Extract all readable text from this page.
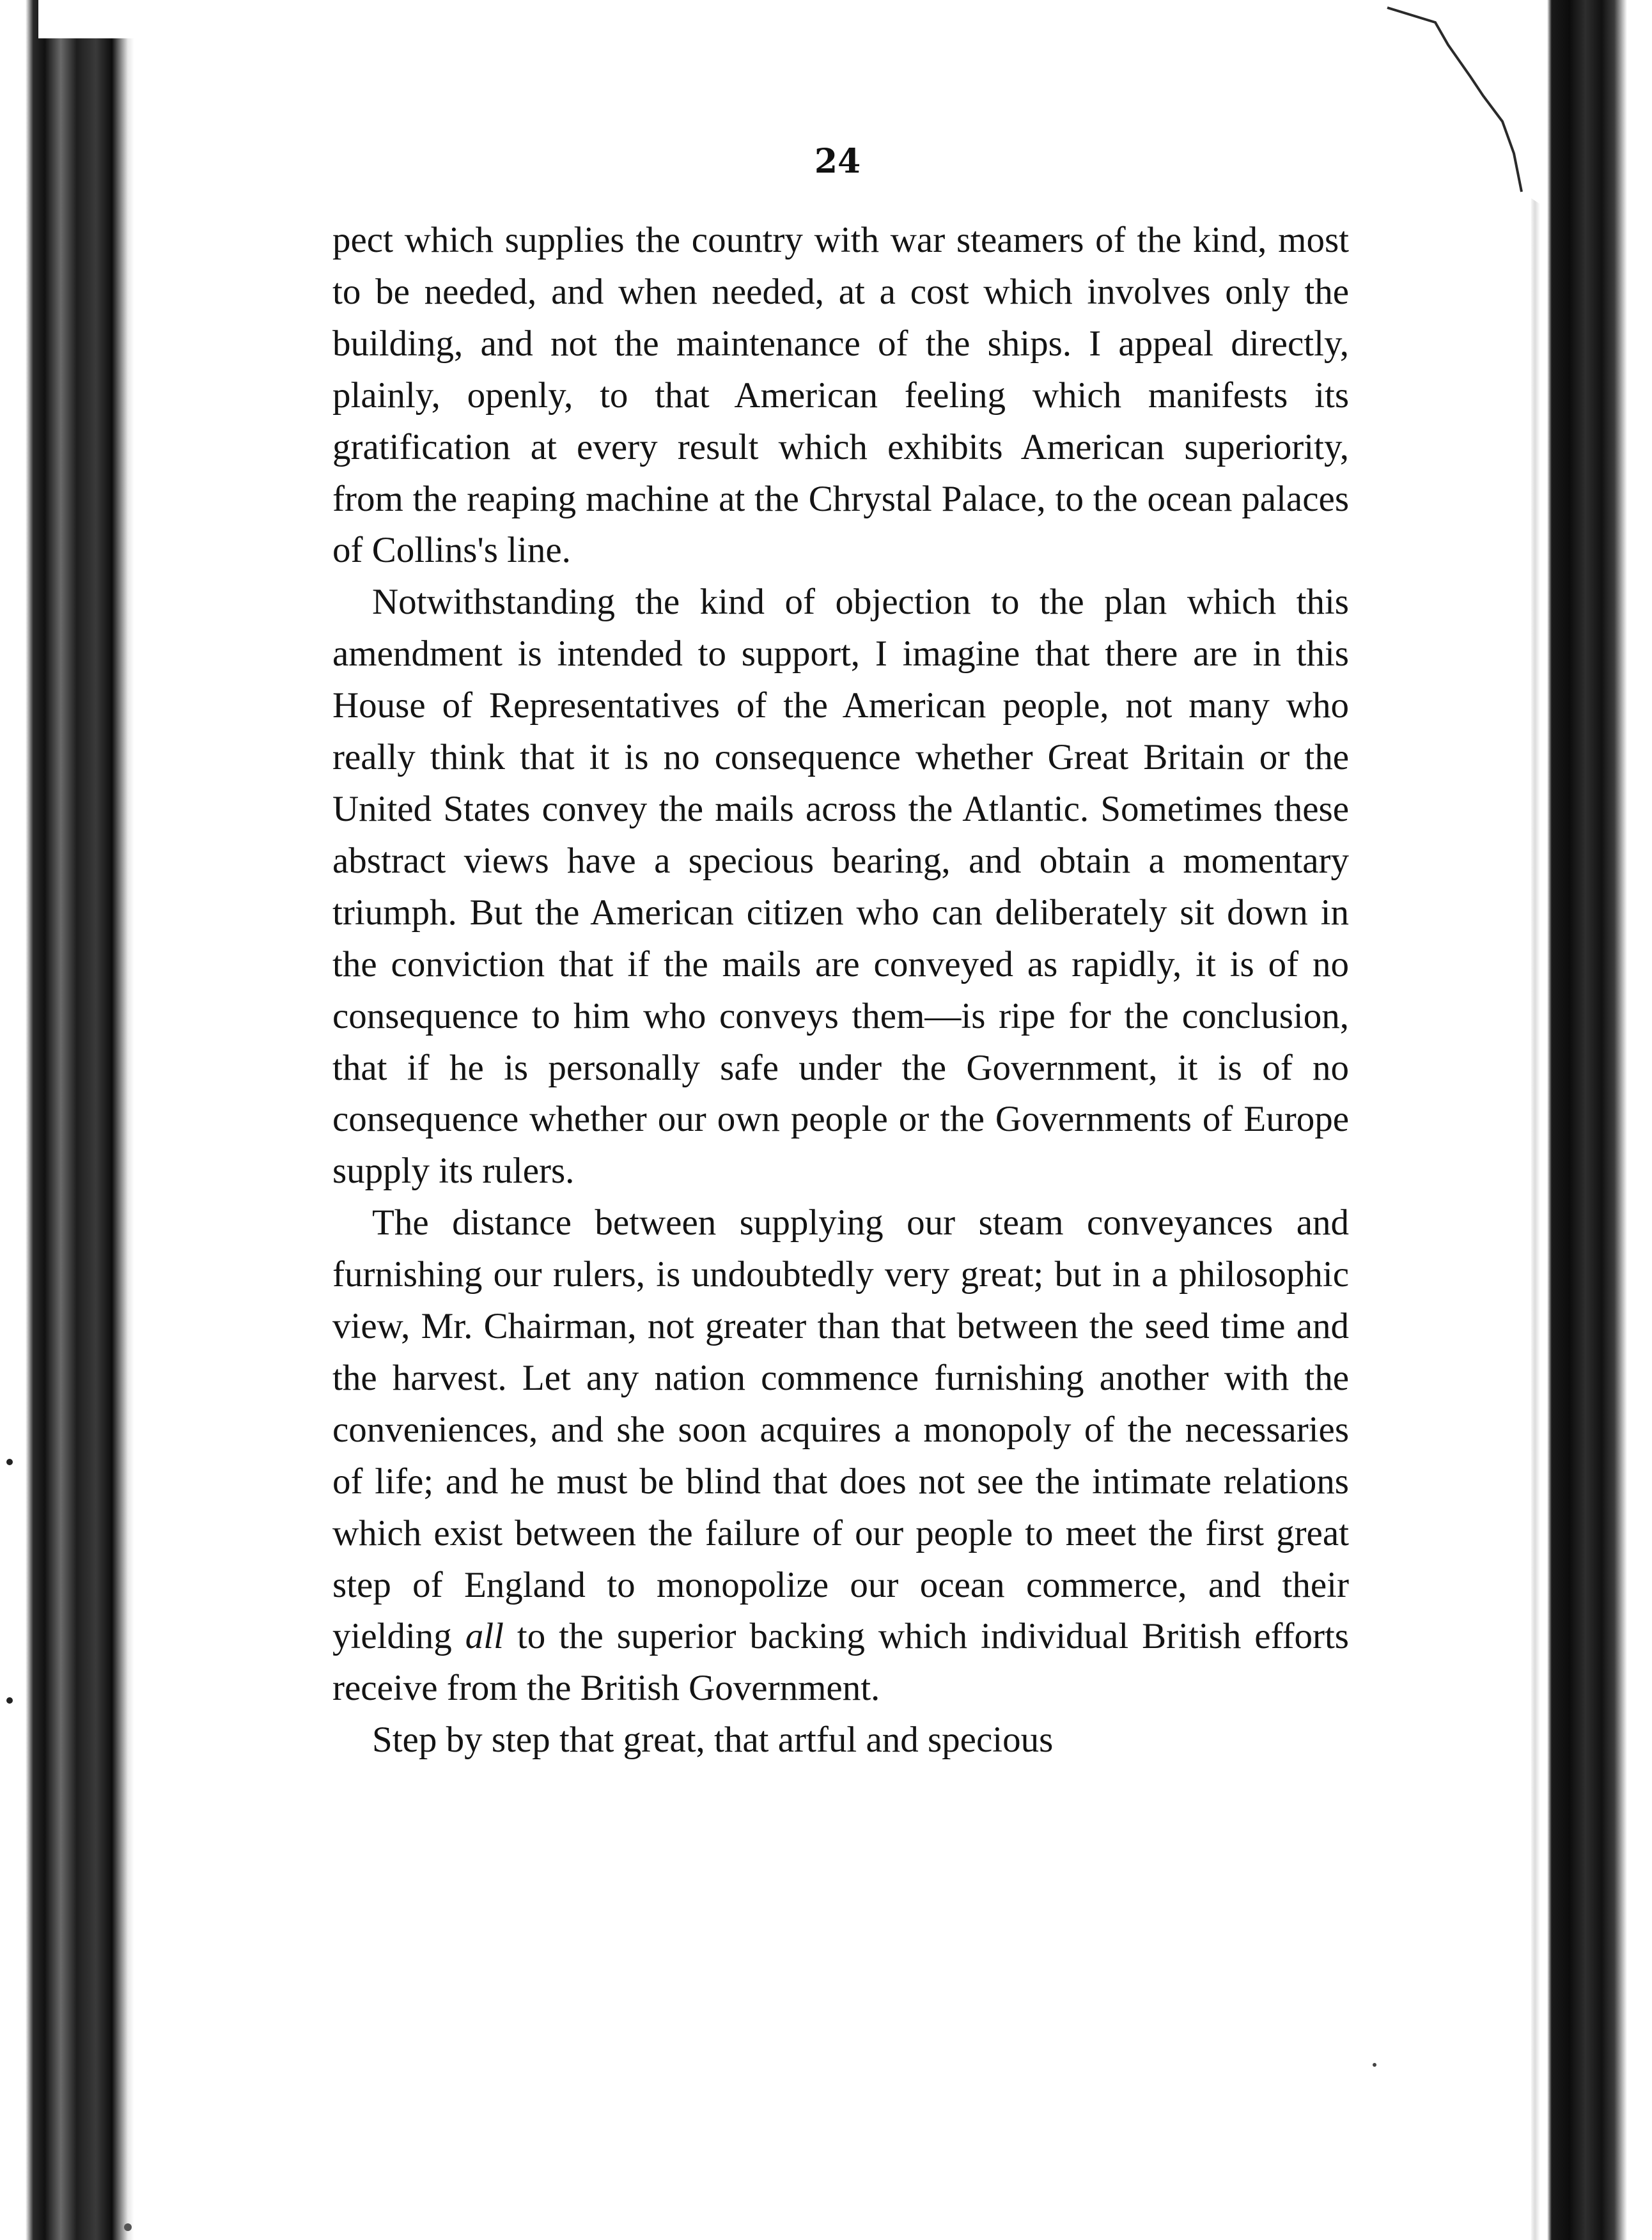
24

pect which supplies the country with war steamers of the kind, most to be needed, and when needed, at a cost which involves only the building, and not the maintenance of the ships. I appeal directly, plainly, openly, to that American feeling which manifests its gratification at every result which exhibits American superiority, from the reaping machine at the Chrystal Palace, to the ocean palaces of Collins's line.

Notwithstanding the kind of objection to the plan which this amendment is intended to support, I imagine that there are in this House of Representatives of the American people, not many who really think that it is no consequence whether Great Britain or the United States convey the mails across the Atlantic. Sometimes these abstract views have a specious bearing, and obtain a momentary triumph. But the American citizen who can deliberately sit down in the conviction that if the mails are conveyed as rapidly, it is of no consequence to him who conveys them—is ripe for the conclusion, that if he is personally safe under the Government, it is of no consequence whether our own people or the Governments of Europe supply its rulers.

The distance between supplying our steam conveyances and furnishing our rulers, is undoubtedly very great; but in a philosophic view, Mr. Chairman, not greater than that between the seed time and the harvest. Let any nation commence furnishing another with the conveniences, and she soon acquires a monopoly of the necessaries of life; and he must be blind that does not see the intimate relations which exist between the failure of our people to meet the first great step of England to monopolize our ocean commerce, and their yielding all to the superior backing which individual British efforts receive from the British Government.

Step by step that great, that artful and specious
